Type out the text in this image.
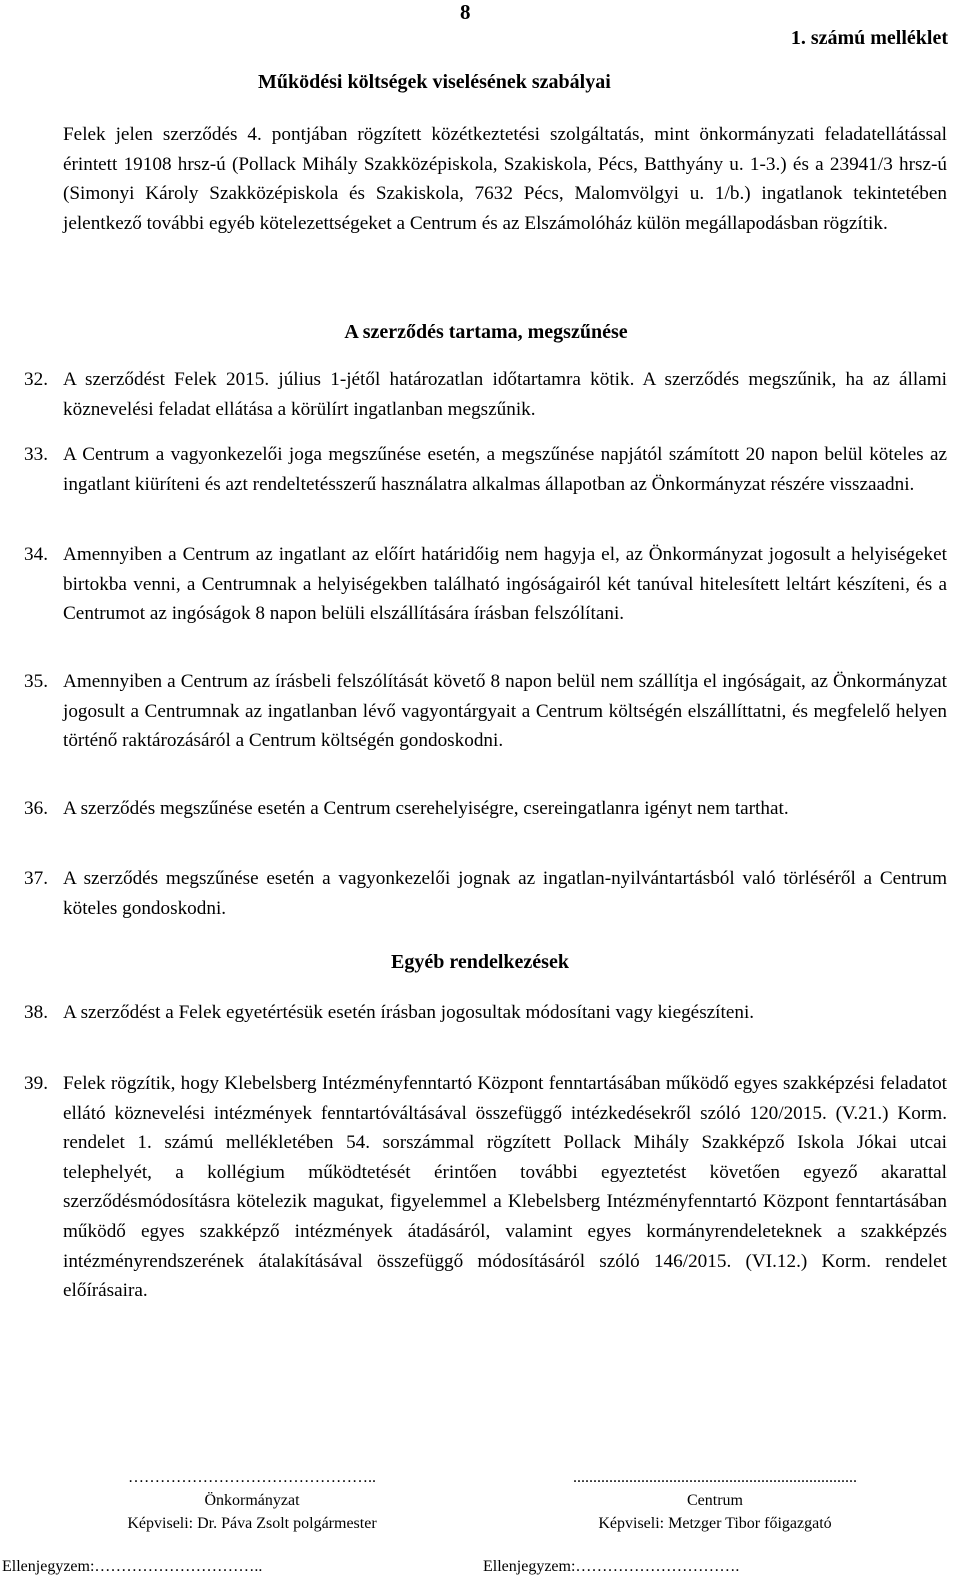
8
1. számú melléklet
Működési költségek viselésének szabályai

Felek jelen szerződés 4. pontjában rögzített közétkeztetési szolgáltatás, mint önkormányzati feladatellátással érintett 19108 hrsz-ú (Pollack Mihály Szakközépiskola, Szakiskola, Pécs, Batthyány u. 1-3.) és a 23941/3 hrsz-ú (Simonyi Károly Szakközépiskola és Szakiskola, 7632 Pécs, Malomvölgyi u. 1/b.) ingatlanok tekintetében jelentkező további egyéb kötelezettségeket a Centrum és az Elszámolóház külön megállapodásban rögzítik.

A szerződés tartama, megszűnése
32. A szerződést Felek 2015. július 1-jétől határozatlan időtartamra kötik. A szerződés megszűnik, ha az állami köznevelési feladat ellátása a körülírt ingatlanban megszűnik.
33. A Centrum a vagyonkezelői joga megszűnése esetén, a megszűnése napjától számított 20 napon belül köteles az ingatlant kiüríteni és azt rendeltetésszerű használatra alkalmas állapotban az Önkormányzat részére visszaadni.
34. Amennyiben a Centrum az ingatlant az előírt határidőig nem hagyja el, az Önkormányzat jogosult a helyiségeket birtokba venni, a Centrumnak a helyiségekben található ingóságairól két tanúval hitelesített leltárt készíteni, és a Centrumot az ingóságok 8 napon belüli elszállítására írásban felszólítani.
35. Amennyiben a Centrum az írásbeli felszólítását követő 8 napon belül nem szállítja el ingóságait, az Önkormányzat jogosult a Centrumnak az ingatlanban lévő vagyontárgyait a Centrum költségén elszállíttatni, és megfelelő helyen történő raktározásáról a Centrum költségén gondoskodni.
36. A szerződés megszűnése esetén a Centrum cserehelyiségre, csereingatlanra igényt nem tarthat.
37. A szerződés megszűnése esetén a vagyonkezelői jognak az ingatlan-nyilvántartásból való törléséről a Centrum köteles gondoskodni.
Egyéb rendelkezések
38. A szerződést a Felek egyetértésük esetén írásban jogosultak módosítani vagy kiegészíteni.
39. Felek rögzítik, hogy Klebelsberg Intézményfenntartó Központ fenntartásában működő egyes szakképzési feladatot ellátó köznevelési intézmények fenntartóváltásával összefüggő intézkedésekről szóló 120/2015. (V.21.) Korm. rendelet 1. számú mellékletében 54. sorszámmal rögzített Pollack Mihály Szakképző Iskola Jókai utcai telephelyét, a kollégium működtetését érintően további egyeztetést követően egyező akarattal szerződésmódosításra kötelezik magukat, figyelemmel a Klebelsberg Intézményfenntartó Központ fenntartásában működő egyes szakképző intézmények átadásáról, valamint egyes kormányrendeleteknek a szakképzés intézményrendszerének átalakításával összefüggő módosításáról szóló 146/2015. (VI.12.) Korm. rendelet előírásaira.
………………………………………..
Önkormányzat
Képviseli: Dr. Páva Zsolt polgármester
.......................................................................
Centrum
Képviseli: Metzger Tibor főigazgató
Ellenjegyzem:…………………………..	Ellenjegyzem:………………………….
